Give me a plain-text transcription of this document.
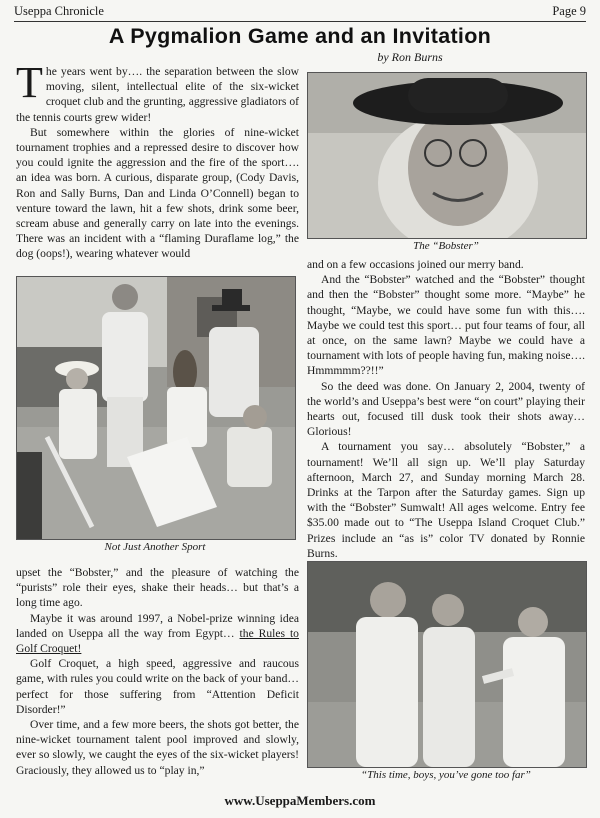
Useppa Chronicle	Page 9
A Pygmalion Game and an Invitation
by Ron Burns

The years went by…. the separation between the slow moving, silent, intellectual elite of the six-wicket croquet club and the grunting, aggressive gladiators of the tennis courts grew wider!

But somewhere within the glories of nine-wicket tournament trophies and a repressed desire to discover how you could ignite the aggression and the fire of the sport…. an idea was born. A curious, disparate group, (Cody Davis, Ron and Sally Burns, Dan and Linda O’Connell) began to venture toward the lawn, hit a few shots, drink some beer, scream abuse and generally carry on late into the evenings. There was an incident with a “flaming Duraflame log,” the dog (oops!), wearing whatever would

Not Just Another Sport

upset the “Bobster,” and the pleasure of watching the “purists” role their eyes, shake their heads… but that’s a long time ago.

Maybe it was around 1997, a Nobel-prize winning idea landed on Useppa all the way from Egypt… the Rules to Golf Croquet!

Golf Croquet, a high speed, aggressive and raucous game, with rules you could write on the back of your band… perfect for those suffering from “Attention Deficit Disorder!”

Over time, and a few more beers, the shots got better, the nine-wicket tournament talent pool improved and slowly, ever so slowly, we caught the eyes of the six-wicket players! Graciously, they allowed us to “play in,”

The “Bobster”

and on a few occasions joined our merry band.

And the “Bobster” watched and the “Bobster” thought and then the “Bobster” thought some more. “Maybe” he thought, “Maybe, we could have some fun with this…. Maybe we could test this sport… put four teams of four, all at once, on the same lawn? Maybe we could have a tournament with lots of people having fun, making noise…. Hmmmmm??!!”

So the deed was done. On January 2, 2004, twenty of the world’s and Useppa’s best were “on court” playing their hearts out, focused till dusk took their shots away… Glorious!

A tournament you say… absolutely “Bobster,” a tournament! We’ll all sign up. We’ll play Saturday afternoon, March 27, and Sunday morning March 28. Drinks at the Tarpon after the Saturday games. Sign up with the “Bobster” Sumwalt! All ages welcome. Entry fee $35.00 made out to “The Useppa Island Croquet Club.” Prizes include an “as is” color TV donated by Ronnie Burns.

“This time, boys, you’ve gone too far”
www.UseppaMembers.com
